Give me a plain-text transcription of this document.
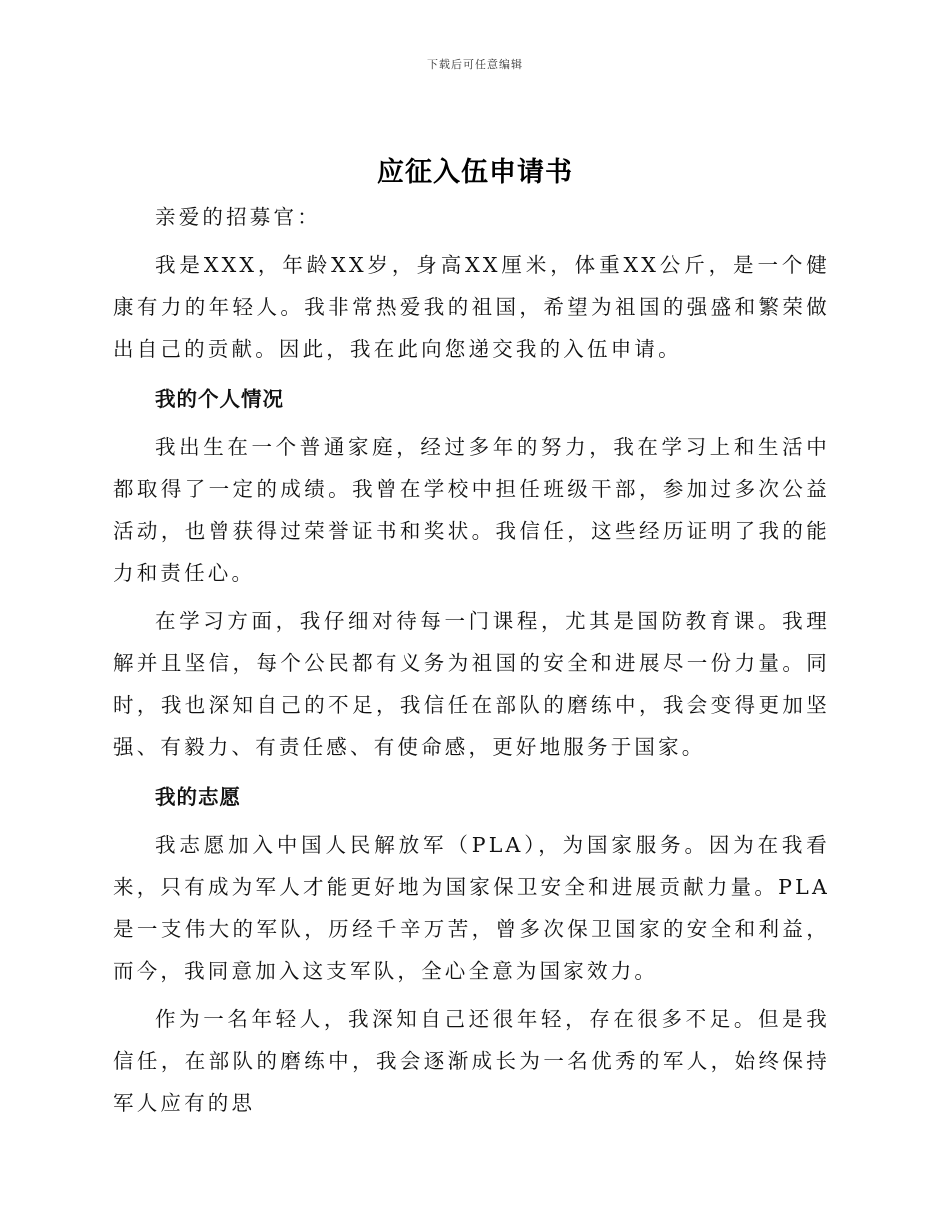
下载后可任意编辑
应征入伍申请书

亲爱的招募官：

我是XXX，年龄XX岁，身高XX厘米，体重XX公斤，是一个健康有力的年轻人。我非常热爱我的祖国，希望为祖国的强盛和繁荣做出自己的贡献。因此，我在此向您递交我的入伍申请。

我的个人情况

我出生在一个普通家庭，经过多年的努力，我在学习上和生活中都取得了一定的成绩。我曾在学校中担任班级干部，参加过多次公益活动，也曾获得过荣誉证书和奖状。我信任，这些经历证明了我的能力和责任心。

在学习方面，我仔细对待每一门课程，尤其是国防教育课。我理解并且坚信，每个公民都有义务为祖国的安全和进展尽一份力量。同时，我也深知自己的不足，我信任在部队的磨练中，我会变得更加坚强、有毅力、有责任感、有使命感，更好地服务于国家。

我的志愿

我志愿加入中国人民解放军（PLA），为国家服务。因为在我看来，只有成为军人才能更好地为国家保卫安全和进展贡献力量。PLA是一支伟大的军队，历经千辛万苦，曾多次保卫国家的安全和利益，而今，我同意加入这支军队，全心全意为国家效力。

作为一名年轻人，我深知自己还很年轻，存在很多不足。但是我信任，在部队的磨练中，我会逐渐成长为一名优秀的军人，始终保持军人应有的思
